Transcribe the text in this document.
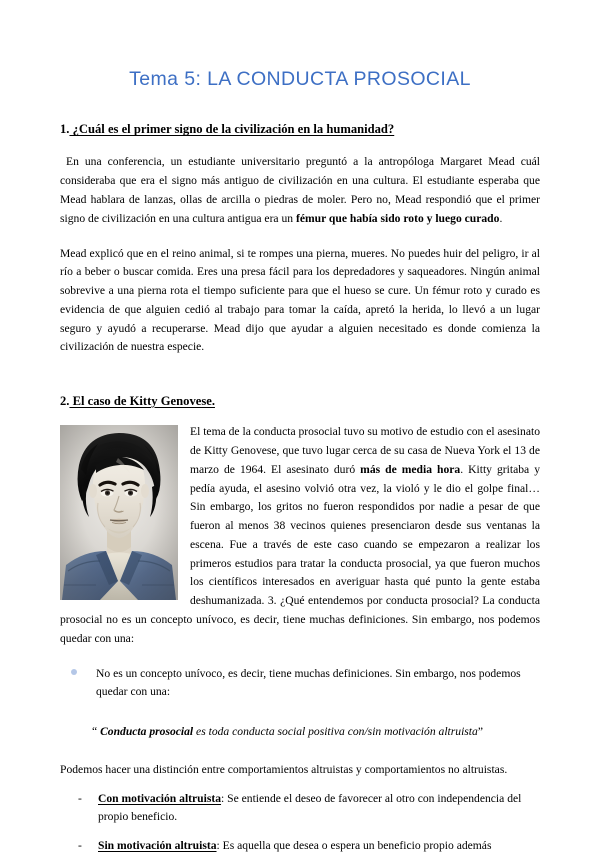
Tema 5: LA CONDUCTA PROSOCIAL
1. ¿Cuál es el primer signo de la civilización en la humanidad?

En una conferencia, un estudiante universitario preguntó a la antropóloga Margaret Mead cuál consideraba que era el signo más antiguo de civilización en una cultura. El estudiante esperaba que Mead hablara de lanzas, ollas de arcilla o piedras de moler. Pero no, Mead respondió que el primer signo de civilización en una cultura antigua era un fémur que había sido roto y luego curado.

Mead explicó que en el reino animal, si te rompes una pierna, mueres. No puedes huir del peligro, ir al río a beber o buscar comida. Eres una presa fácil para los depredadores y saqueadores. Ningún animal sobrevive a una pierna rota el tiempo suficiente para que el hueso se cure. Un fémur roto y curado es evidencia de que alguien cedió al trabajo para tomar la caída, apretó la herida, lo llevó a un lugar seguro y ayudó a recuperarse. Mead dijo que ayudar a alguien necesitado es donde comienza la civilización de nuestra especie.

2. El caso de Kitty Genovese.

El tema de la conducta prosocial tuvo su motivo de estudio con el asesinato de Kitty Genovese, que tuvo lugar cerca de su casa de Nueva York el 13 de marzo de 1964. El asesinato duró más de media hora. Kitty gritaba y pedía ayuda, el asesino volvió otra vez, la violó y le dio el golpe final… Sin embargo, los gritos no fueron respondidos por nadie a pesar de que fueron al menos 38 vecinos quienes presenciaron desde sus ventanas la escena. Fue a través de este caso cuando se empezaron a realizar los primeros estudios para tratar la conducta prosocial, ya que fueron muchos los científicos interesados en averiguar hasta qué punto la gente estaba deshumanizada. 3. ¿Qué entendemos por conducta prosocial? La conducta prosocial no es un concepto unívoco, es decir, tiene muchas definiciones. Sin embargo, nos podemos quedar con una:

No es un concepto unívoco, es decir, tiene muchas definiciones. Sin embargo, nos podemos quedar con una:
“ Conducta prosocial es toda conducta social positiva con/sin motivación altruista”

Podemos hacer una distinción entre comportamientos altruistas y comportamientos no altruistas.

-	Con motivación altruista: Se entiende el deseo de favorecer al otro con independencia del propio beneficio.
-	Sin motivación altruista: Es aquella que desea o espera un beneficio propio además
